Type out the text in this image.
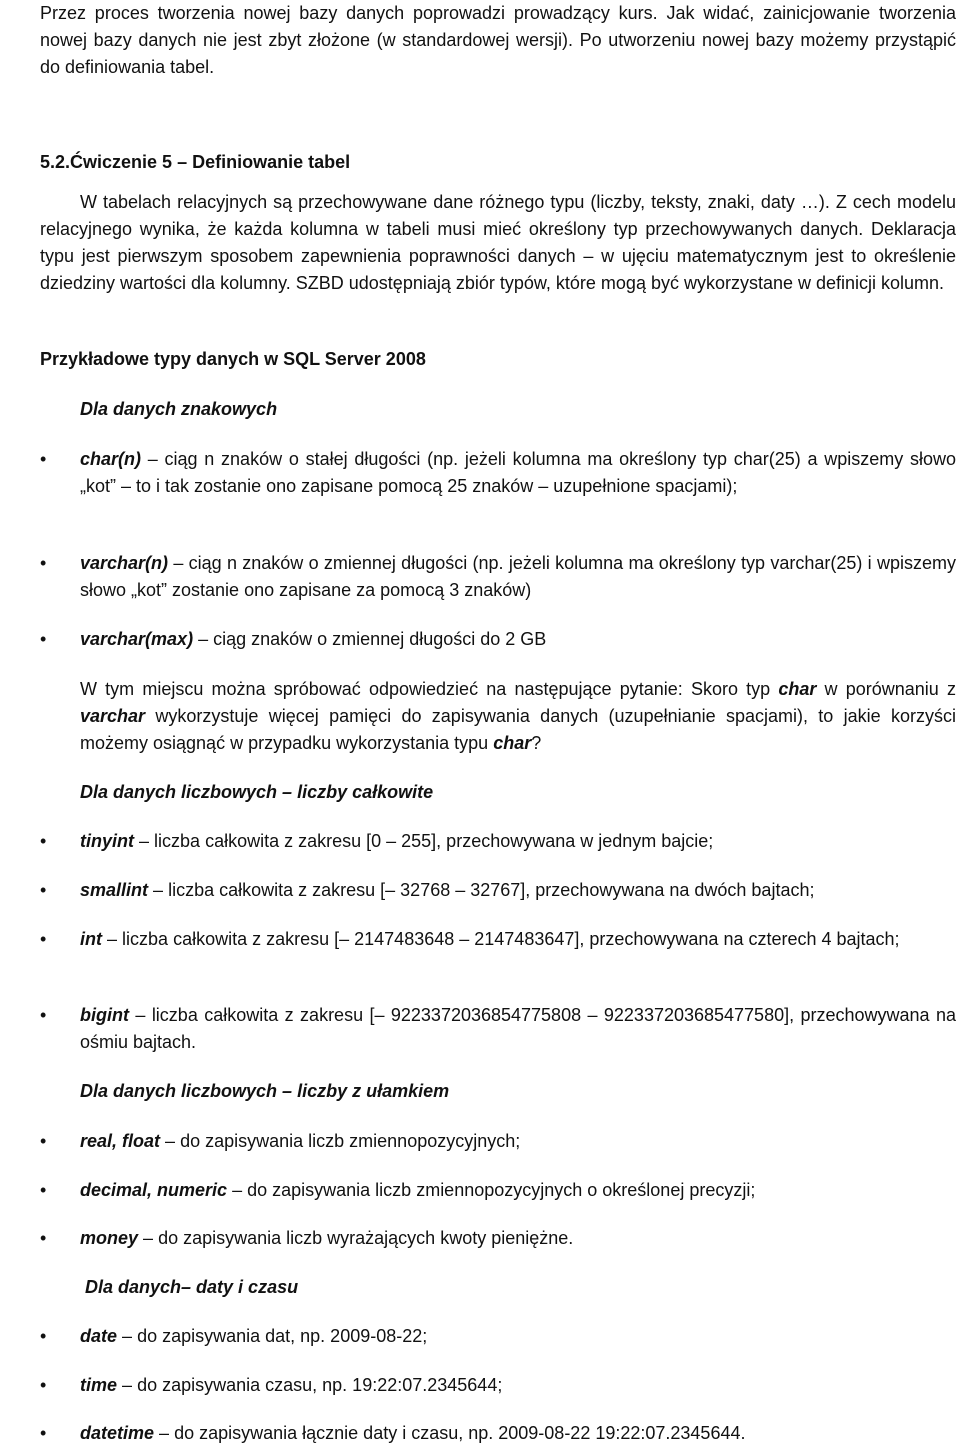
Przez proces tworzenia nowej bazy danych poprowadzi prowadzący kurs. Jak widać, zainicjowanie tworzenia nowej bazy danych nie jest zbyt złożone (w standardowej wersji). Po utworzeniu nowej bazy możemy przystąpić do definiowania tabel.

5.2.Ćwiczenie 5 – Definiowanie tabel

W tabelach relacyjnych są przechowywane dane różnego typu (liczby, teksty, znaki, daty …). Z cech modelu relacyjnego wynika, że każda kolumna w tabeli musi mieć określony typ przechowywanych danych. Deklaracja typu jest pierwszym sposobem zapewnienia poprawności danych – w ujęciu matematycznym jest to określenie dziedziny wartości dla kolumny. SZBD udostępniają zbiór typów, które mogą być wykorzystane w definicji kolumn.

Przykładowe typy danych w SQL Server 2008
Dla danych znakowych
•	char(n) – ciąg n znaków o stałej długości (np. jeżeli kolumna ma określony typ char(25) a wpiszemy słowo „kot” – to i tak zostanie ono zapisane pomocą 25 znaków – uzupełnione spacjami);
•	varchar(n) – ciąg n znaków o zmiennej długości (np. jeżeli kolumna ma określony typ varchar(25) i wpiszemy słowo „kot” zostanie ono zapisane za pomocą 3 znaków)
•	varchar(max) – ciąg znaków o zmiennej długości do 2 GB

W tym miejscu można spróbować odpowiedzieć na następujące pytanie: Skoro typ char w porównaniu z varchar wykorzystuje więcej pamięci do zapisywania danych (uzupełnianie spacjami), to jakie korzyści możemy osiągnąć w przypadku wykorzystania typu char?

Dla danych liczbowych – liczby całkowite
•	tinyint – liczba całkowita z zakresu [0 – 255], przechowywana w jednym bajcie;
•	smallint – liczba całkowita z zakresu [– 32768 – 32767], przechowywana na dwóch bajtach;
•	int – liczba całkowita z zakresu [– 2147483648 – 2147483647], przechowywana na czterech 4 bajtach;
•	bigint – liczba całkowita z zakresu [– 9223372036854775808 – 922337203685477580], przechowywana na ośmiu bajtach.
Dla danych liczbowych – liczby z ułamkiem
•	real, float – do zapisywania liczb zmiennopozycyjnych;
•	decimal, numeric – do zapisywania liczb zmiennopozycyjnych o określonej precyzji;
•	money – do zapisywania liczb wyrażających kwoty pieniężne.
Dla danych– daty i czasu
•	date – do zapisywania dat, np. 2009-08-22;
•	time – do zapisywania czasu, np. 19:22:07.2345644;
•	datetime – do zapisywania łącznie daty i czasu, np. 2009-08-22 19:22:07.2345644.
